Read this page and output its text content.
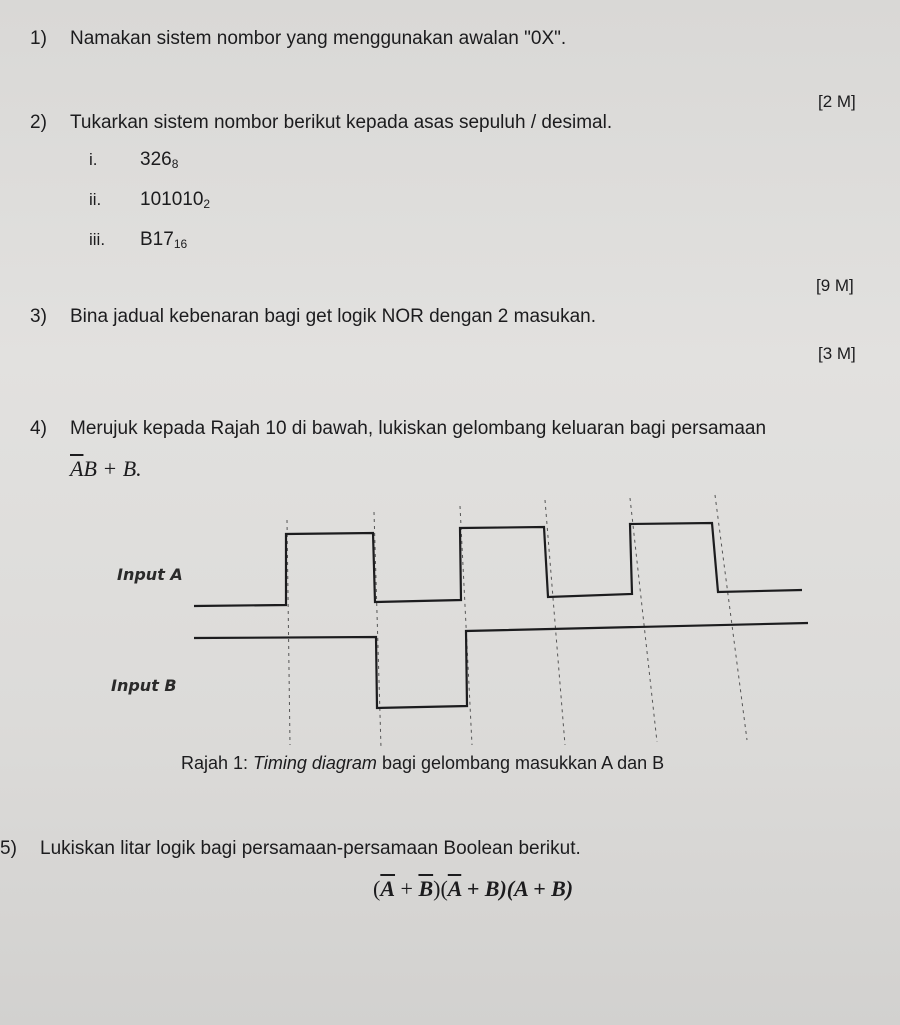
1) Namakan sistem nombor yang menggunakan awalan "0X".
[2 M]
2) Tukarkan sistem nombor berikut kepada asas sepuluh / desimal.
i. $326_8$
ii. $101010_2$
iii. $B17_{16}$
[9 M]
3) Bina jadual kebenaran bagi get logik NOR dengan 2 masukan.
[3 M]
4) Merujuk kepada Rajah 10 di bawah, lukiskan gelombang keluaran bagi persamaan
$\overline{A}B + B$.
Input A
Input B
Rajah 1: Timing diagram bagi gelombang masukkan A dan B
5) Lukiskan litar logik bagi persamaan-persamaan Boolean berikut.
$(\overline{A} + \overline{B})(\overline{A} + B)(A + B)$
